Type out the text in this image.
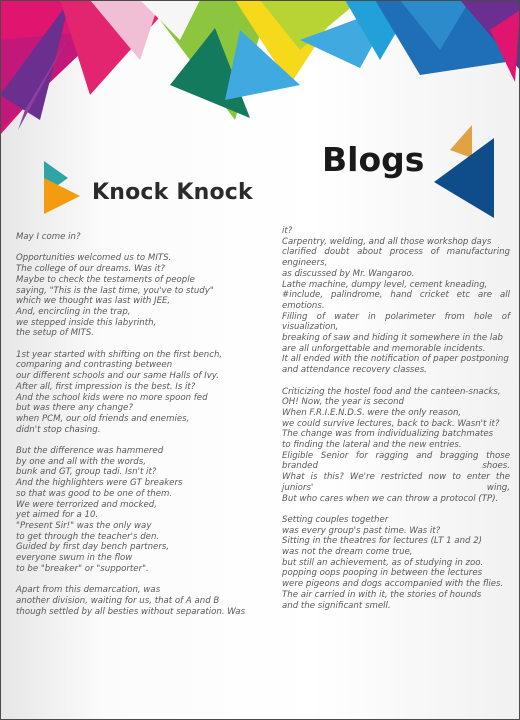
Knock Knock
Blogs

May I come in?

Opportunities welcomed us to MITS.
The college of our dreams. Was it?
Maybe to check the testaments of people
saying, "This is the last time, you've to study"
which we thought was last with JEE,
And, encircling in the trap,
we stepped inside this labyrinth,
the setup of MITS.

1st year started with shifting on the first bench,
comparing and contrasting between
our different schools and our same Halls of Ivy.
After all, first impression is the best. Is it?
And the school kids were no more spoon fed
but was there any change?
when PCM, our old friends and enemies,
didn't stop chasing.

But the difference was hammered
by one and all with the words,
bunk and GT, group tadi. Isn't it?
And the highlighters were GT breakers
so that was good to be one of them.
We were terrorized and mocked,
yet aimed for a 10.
"Present Sir!" was the only way
to get through the teacher's den.
Guided by first day bench partners,
everyone swum in the flow
to be "breaker" or "supporter".

Apart from this demarcation, was
another division, waiting for us, that of A and B
though settled by all besties without separation. Was

it?
Carpentry, welding, and all those workshop days
clarified doubt about process of manufacturing engineers,
as discussed by Mr. Wangaroo.
Lathe machine, dumpy level, cement kneading,
#include, palindrome, hand cricket etc are all emotions.
Filling of water in polarimeter from hole of visualization,
breaking of saw and hiding it somewhere in the lab
are all unforgettable and memorable incidents.
It all ended with the notification of paper postponing
and attendance recovery classes.

Criticizing the hostel food and the canteen-snacks,
OH! Now, the year is second
When F.R.I.E.N.D.S. were the only reason,
we could survive lectures, back to back. Wasn't it?
The change was from individualizing batchmates
to finding the lateral and the new entries.
Eligible Senior for ragging and bragging those branded shoes.
What is this? We're restricted now to enter the juniors' wing,
But who cares when we can throw a protocol (TP).

Setting couples together
was every group's past time. Was it?
Sitting in the theatres for lectures (LT 1 and 2)
was not the dream come true,
but still an achievement, as of studying in zoo.
popping oops pooping in between the lectures
were pigeons and dogs accompanied with the flies.
The air carried in with it, the stories of hounds
and the significant smell.
